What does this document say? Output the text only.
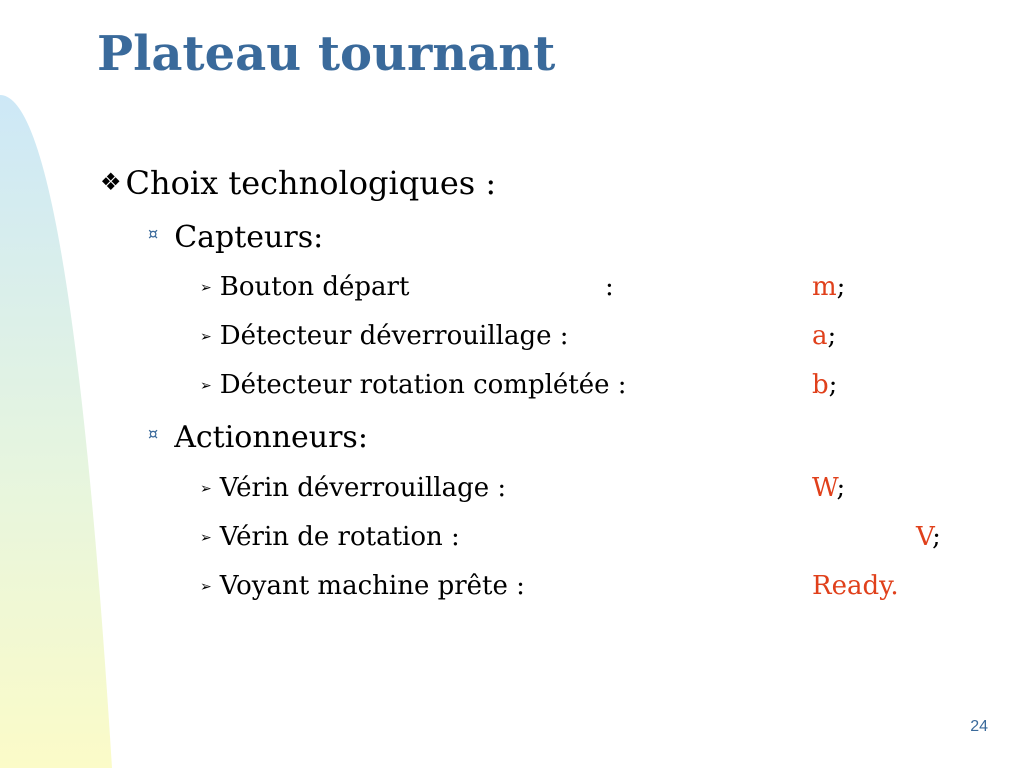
Plateau tournant
❖ Choix technologiques :
¤ Capteurs:
➢ Bouton départ	:	m;
➢ Détecteur déverrouillage :	a;
➢ Détecteur rotation complétée :	b;
¤ Actionneurs:
➢ Vérin déverrouillage :	W;
➢ Vérin de rotation :	V;
➢ Voyant machine prête :	Ready.
24
